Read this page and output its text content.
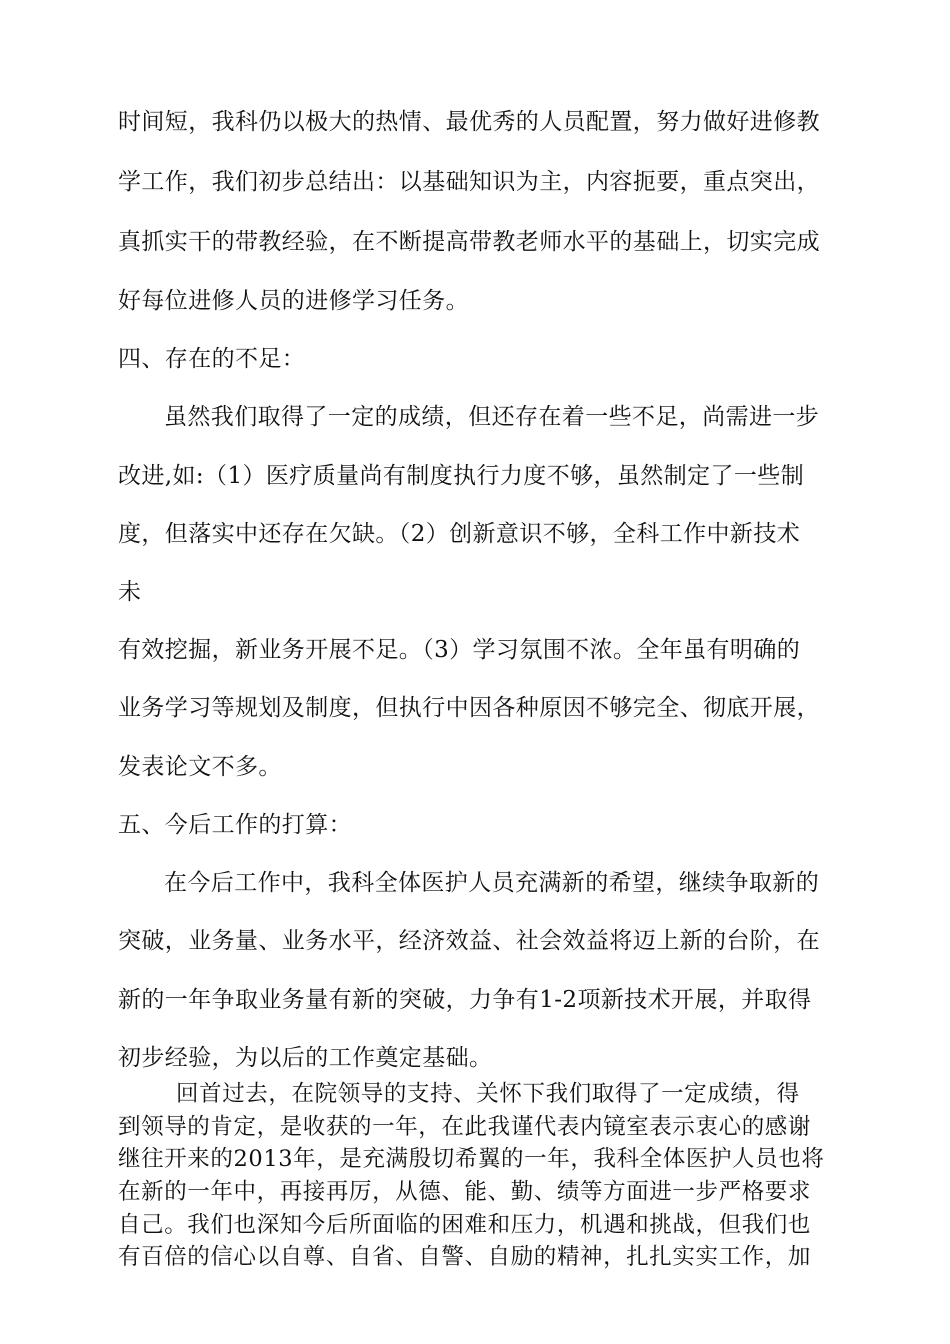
时间短，我科仍以极大的热情、最优秀的人员配置，努力做好进修教
学工作，我们初步总结出：以基础知识为主，内容扼要，重点突出，
真抓实干的带教经验，在不断提高带教老师水平的基础上，切实完成
好每位进修人员的进修学习任务。
四、存在的不足：
虽然我们取得了一定的成绩，但还存在着一些不足，尚需进一步
改进,如:（1）医疗质量尚有制度执行力度不够，虽然制定了一些制
度，但落实中还存在欠缺。（2）创新意识不够，全科工作中新技术
未
有效挖掘，新业务开展不足。（3）学习氛围不浓。全年虽有明确的
业务学习等规划及制度，但执行中因各种原因不够完全、彻底开展，
发表论文不多。
五、今后工作的打算：
在今后工作中，我科全体医护人员充满新的希望，继续争取新的
突破，业务量、业务水平，经济效益、社会效益将迈上新的台阶，在
新的一年争取业务量有新的突破，力争有1-2项新技术开展，并取得
初步经验，为以后的工作奠定基础。
回首过去，在院领导的支持、关怀下我们取得了一定成绩，得
到领导的肯定，是收获的一年，在此我谨代表内镜室表示衷心的感谢
继往开来的2013年，是充满殷切希翼的一年，我科全体医护人员也将
在新的一年中，再接再厉，从德、能、勤、绩等方面进一步严格要求
自己。我们也深知今后所面临的困难和压力，机遇和挑战，但我们也
有百倍的信心以自尊、自省、自警、自励的精神，扎扎实实工作，加
